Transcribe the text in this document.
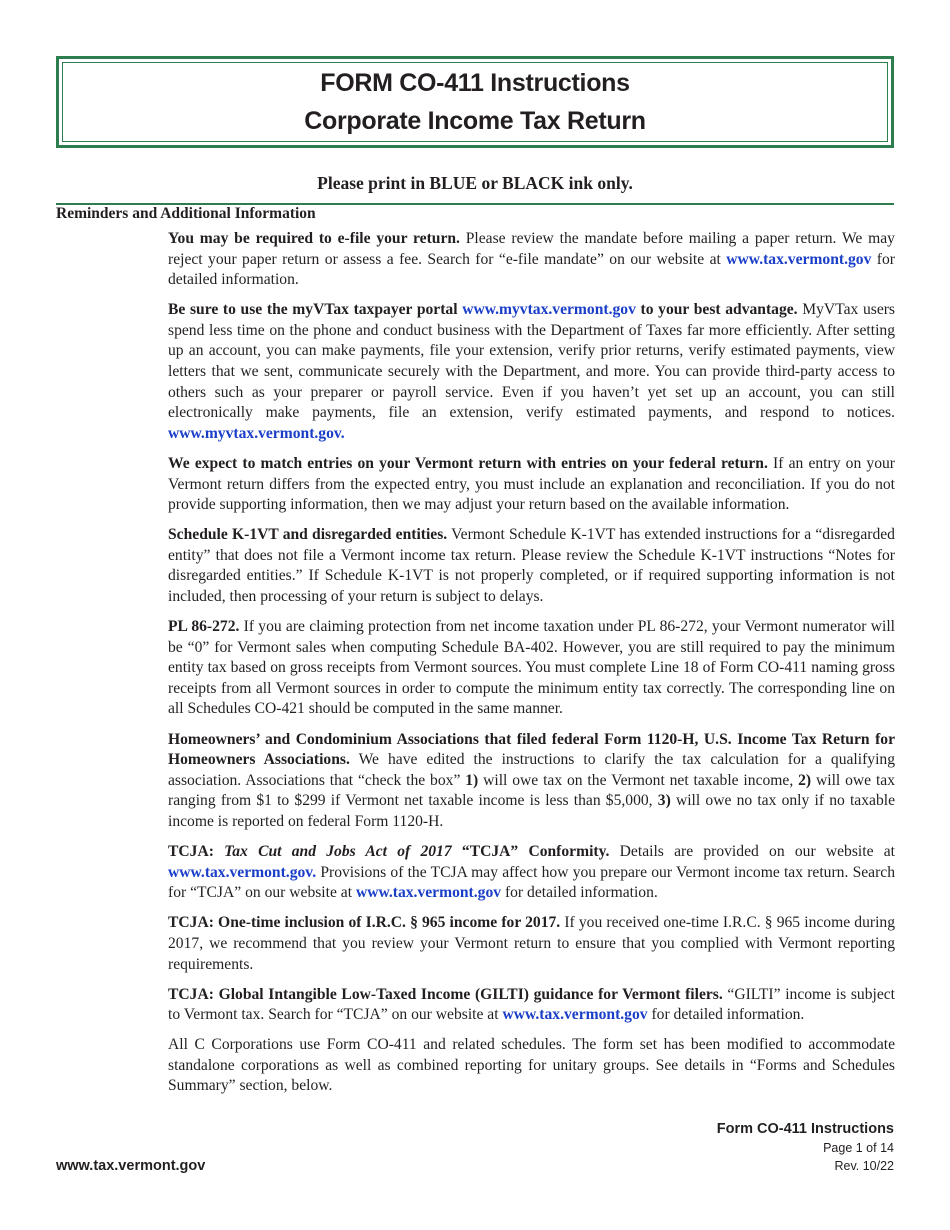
FORM CO-411 Instructions
Corporate Income Tax Return
Please print in BLUE or BLACK ink only.
Reminders and Additional Information

You may be required to e-file your return. Please review the mandate before mailing a paper return. We may reject your paper return or assess a fee. Search for “e-file mandate” on our website at www.tax.vermont.gov for detailed information.

Be sure to use the myVTax taxpayer portal www.myvtax.vermont.gov to your best advantage. MyVTax users spend less time on the phone and conduct business with the Department of Taxes far more efficiently. After setting up an account, you can make payments, file your extension, verify prior returns, verify estimated payments, view letters that we sent, communicate securely with the Department, and more. You can provide third-party access to others such as your preparer or payroll service. Even if you haven’t yet set up an account, you can still electronically make payments, file an extension, verify estimated payments, and respond to notices. www.myvtax.vermont.gov.

We expect to match entries on your Vermont return with entries on your federal return. If an entry on your Vermont return differs from the expected entry, you must include an explanation and reconciliation. If you do not provide supporting information, then we may adjust your return based on the available information.

Schedule K-1VT and disregarded entities. Vermont Schedule K-1VT has extended instructions for a “disregarded entity” that does not file a Vermont income tax return. Please review the Schedule K-1VT instructions “Notes for disregarded entities.” If Schedule K-1VT is not properly completed, or if required supporting information is not included, then processing of your return is subject to delays.

PL 86-272. If you are claiming protection from net income taxation under PL 86-272, your Vermont numerator will be “0” for Vermont sales when computing Schedule BA-402. However, you are still required to pay the minimum entity tax based on gross receipts from Vermont sources. You must complete Line 18 of Form CO-411 naming gross receipts from all Vermont sources in order to compute the minimum entity tax correctly. The corresponding line on all Schedules CO-421 should be computed in the same manner.

Homeowners’ and Condominium Associations that filed federal Form 1120-H, U.S. Income Tax Return for Homeowners Associations. We have edited the instructions to clarify the tax calculation for a qualifying association. Associations that “check the box” 1) will owe tax on the Vermont net taxable income, 2) will owe tax ranging from $1 to $299 if Vermont net taxable income is less than $5,000, 3) will owe no tax only if no taxable income is reported on federal Form 1120-H.

TCJA: Tax Cut and Jobs Act of 2017 “TCJA” Conformity. Details are provided on our website at www.tax.vermont.gov. Provisions of the TCJA may affect how you prepare our Vermont income tax return. Search for “TCJA” on our website at www.tax.vermont.gov for detailed information.

TCJA: One-time inclusion of I.R.C. § 965 income for 2017. If you received one-time I.R.C. § 965 income during 2017, we recommend that you review your Vermont return to ensure that you complied with Vermont reporting requirements.

TCJA: Global Intangible Low-Taxed Income (GILTI) guidance for Vermont filers. “GILTI” income is subject to Vermont tax. Search for “TCJA” on our website at www.tax.vermont.gov for detailed information.

All C Corporations use Form CO-411 and related schedules. The form set has been modified to accommodate standalone corporations as well as combined reporting for unitary groups. See details in “Forms and Schedules Summary” section, below.

Form CO-411 Instructions
Page 1 of 14
Rev. 10/22
www.tax.vermont.gov
